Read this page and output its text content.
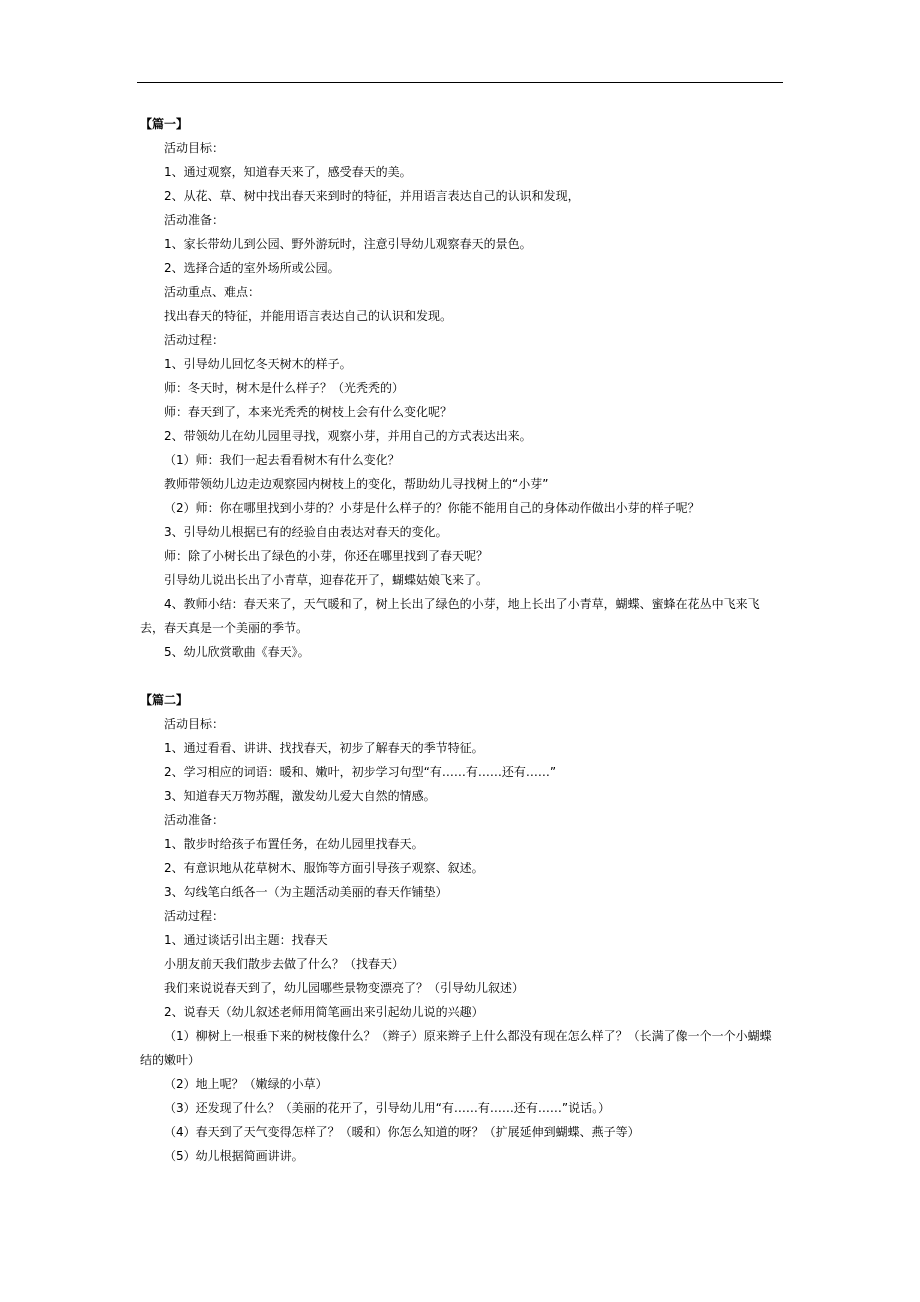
【篇一】

活动目标：

1、通过观察，知道春天来了，感受春天的美。

2、从花、草、树中找出春天来到时的特征，并用语言表达自己的认识和发现，

活动准备：

1、家长带幼儿到公园、野外游玩时，注意引导幼儿观察春天的景色。

2、选择合适的室外场所或公园。

活动重点、难点：

找出春天的特征，并能用语言表达自己的认识和发现。

活动过程：

1、引导幼儿回忆冬天树木的样子。

师：冬天时，树木是什么样子？（光秃秃的）

师：春天到了，本来光秃秃的树枝上会有什么变化呢？

2、带领幼儿在幼儿园里寻找，观察小芽，并用自己的方式表达出来。

（1）师：我们一起去看看树木有什么变化？

教师带领幼儿边走边观察园内树枝上的变化，帮助幼儿寻找树上的“小芽”

（2）师：你在哪里找到小芽的？小芽是什么样子的？你能不能用自己的身体动作做出小芽的样子呢？

3、引导幼儿根据已有的经验自由表达对春天的变化。

师：除了小树长出了绿色的小芽，你还在哪里找到了春天呢？

引导幼儿说出长出了小青草，迎春花开了，蝴蝶姑娘飞来了。

4、教师小结：春天来了，天气暖和了，树上长出了绿色的小芽，地上长出了小青草，蝴蝶、蜜蜂在花丛中飞来飞去，春天真是一个美丽的季节。

5、幼儿欣赏歌曲《春天》。

【篇二】

活动目标：

1、通过看看、讲讲、找找春天，初步了解春天的季节特征。

2、学习相应的词语：暖和、嫩叶，初步学习句型“有……有……还有……”

3、知道春天万物苏醒，激发幼儿爱大自然的情感。

活动准备：

1、散步时给孩子布置任务，在幼儿园里找春天。

2、有意识地从花草树木、服饰等方面引导孩子观察、叙述。

3、勾线笔白纸各一（为主题活动美丽的春天作铺垫）

活动过程：

1、通过谈话引出主题：找春天

小朋友前天我们散步去做了什么？（找春天）

我们来说说春天到了，幼儿园哪些景物变漂亮了？（引导幼儿叙述）

2、说春天（幼儿叙述老师用简笔画出来引起幼儿说的兴趣）

（1）柳树上一根垂下来的树枝像什么？（辫子）原来辫子上什么都没有现在怎么样了？（长满了像一个一个小蝴蝶结的嫩叶）

（2）地上呢？（嫩绿的小草）

（3）还发现了什么？（美丽的花开了，引导幼儿用“有……有……还有……”说话。）

（4）春天到了天气变得怎样了？（暖和）你怎么知道的呀？（扩展延伸到蝴蝶、燕子等）

（5）幼儿根据简画讲讲。
